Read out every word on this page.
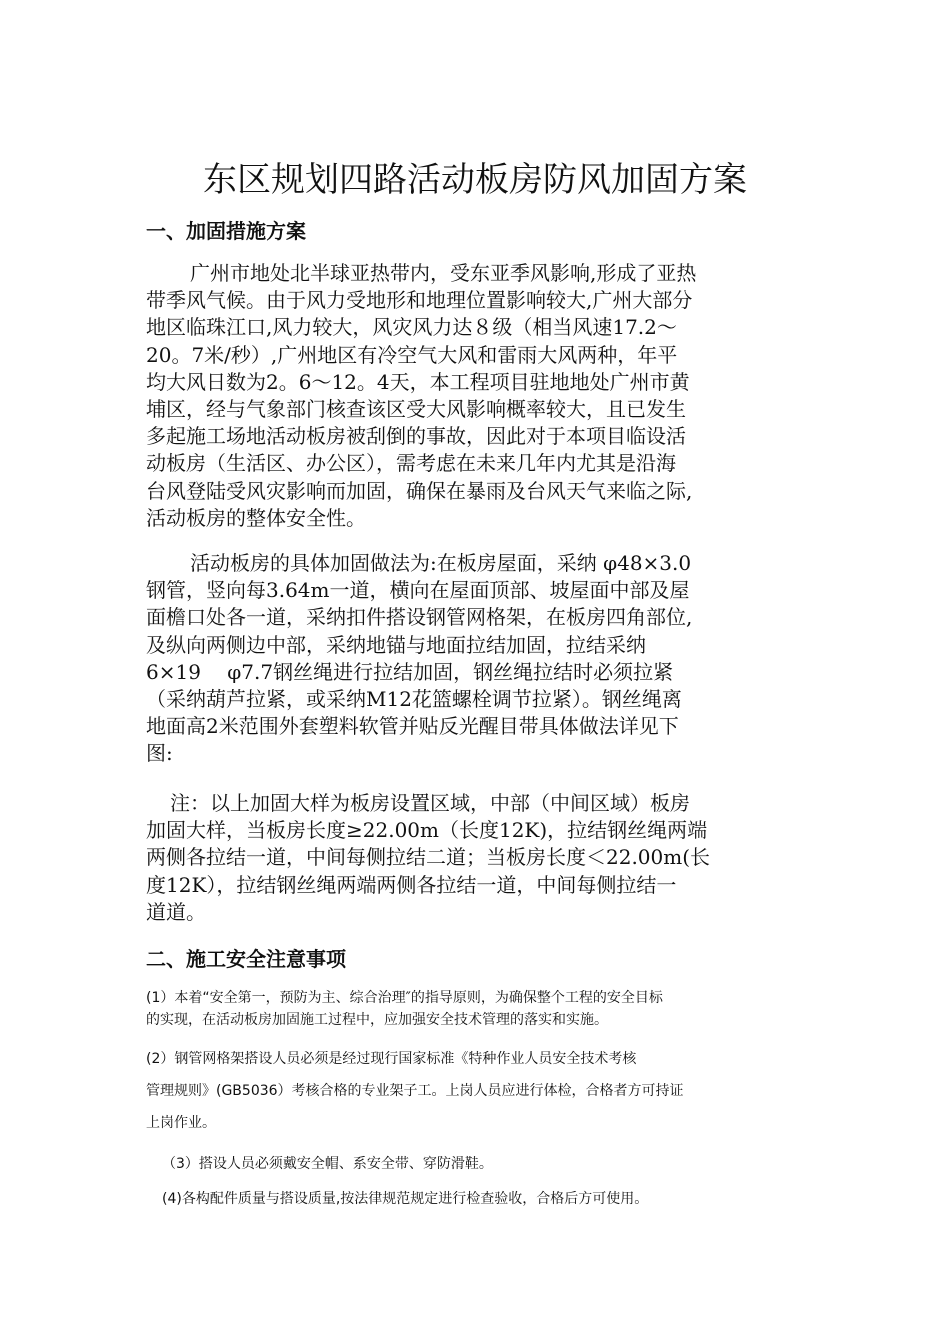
东区规划四路活动板房防风加固方案
一、加固措施方案
广州市地处北半球亚热带内，受东亚季风影响,形成了亚热
带季风气候。由于风力受地形和地理位置影响较大,广州大部分
地区临珠江口,风力较大，风灾风力达８级（相当风速17.2～
20。7米/秒）,广州地区有冷空气大风和雷雨大风两种，年平
均大风日数为2。6～12。4天，本工程项目驻地地处广州市黄
埔区，经与气象部门核查该区受大风影响概率较大，且已发生
多起施工场地活动板房被刮倒的事故，因此对于本项目临设活
动板房（生活区、办公区），需考虑在未来几年内尤其是沿海
台风登陆受风灾影响而加固，确保在暴雨及台风天气来临之际,
活动板房的整体安全性。
活动板房的具体加固做法为:在板房屋面，采纳 φ48×3.0
钢管，竖向每3.64m一道，横向在屋面顶部、坡屋面中部及屋
面檐口处各一道，采纳扣件搭设钢管网格架，在板房四角部位,
及纵向两侧边中部，采纳地锚与地面拉结加固，拉结采纳
6×19　 φ7.7钢丝绳进行拉结加固，钢丝绳拉结时必须拉紧
（采纳葫芦拉紧，或采纳M12花篮螺栓调节拉紧）。钢丝绳离
地面高2米范围外套塑料软管并贴反光醒目带具体做法详见下
图:
注：以上加固大样为板房设置区域，中部（中间区域）板房
加固大样，当板房长度≥22.00m（长度12K)，拉结钢丝绳两端
两侧各拉结一道，中间每侧拉结二道；当板房长度＜22.00m(长
度12K），拉结钢丝绳两端两侧各拉结一道，中间每侧拉结一
道道。
二、施工安全注意事项
(1）本着“安全第一，预防为主、综合治理″的指导原则，为确保整个工程的安全目标
的实现，在活动板房加固施工过程中，应加强安全技术管理的落实和实施。
(2）钢管网格架搭设人员必须是经过现行国家标准《特种作业人员安全技术考核
管理规则》(GB5036）考核合格的专业架子工。上岗人员应进行体检，合格者方可持证
上岗作业。
（3）搭设人员必须戴安全帽、系安全带、穿防滑鞋。
(4)各构配件质量与搭设质量,按法律规范规定进行检查验收，合格后方可使用。
